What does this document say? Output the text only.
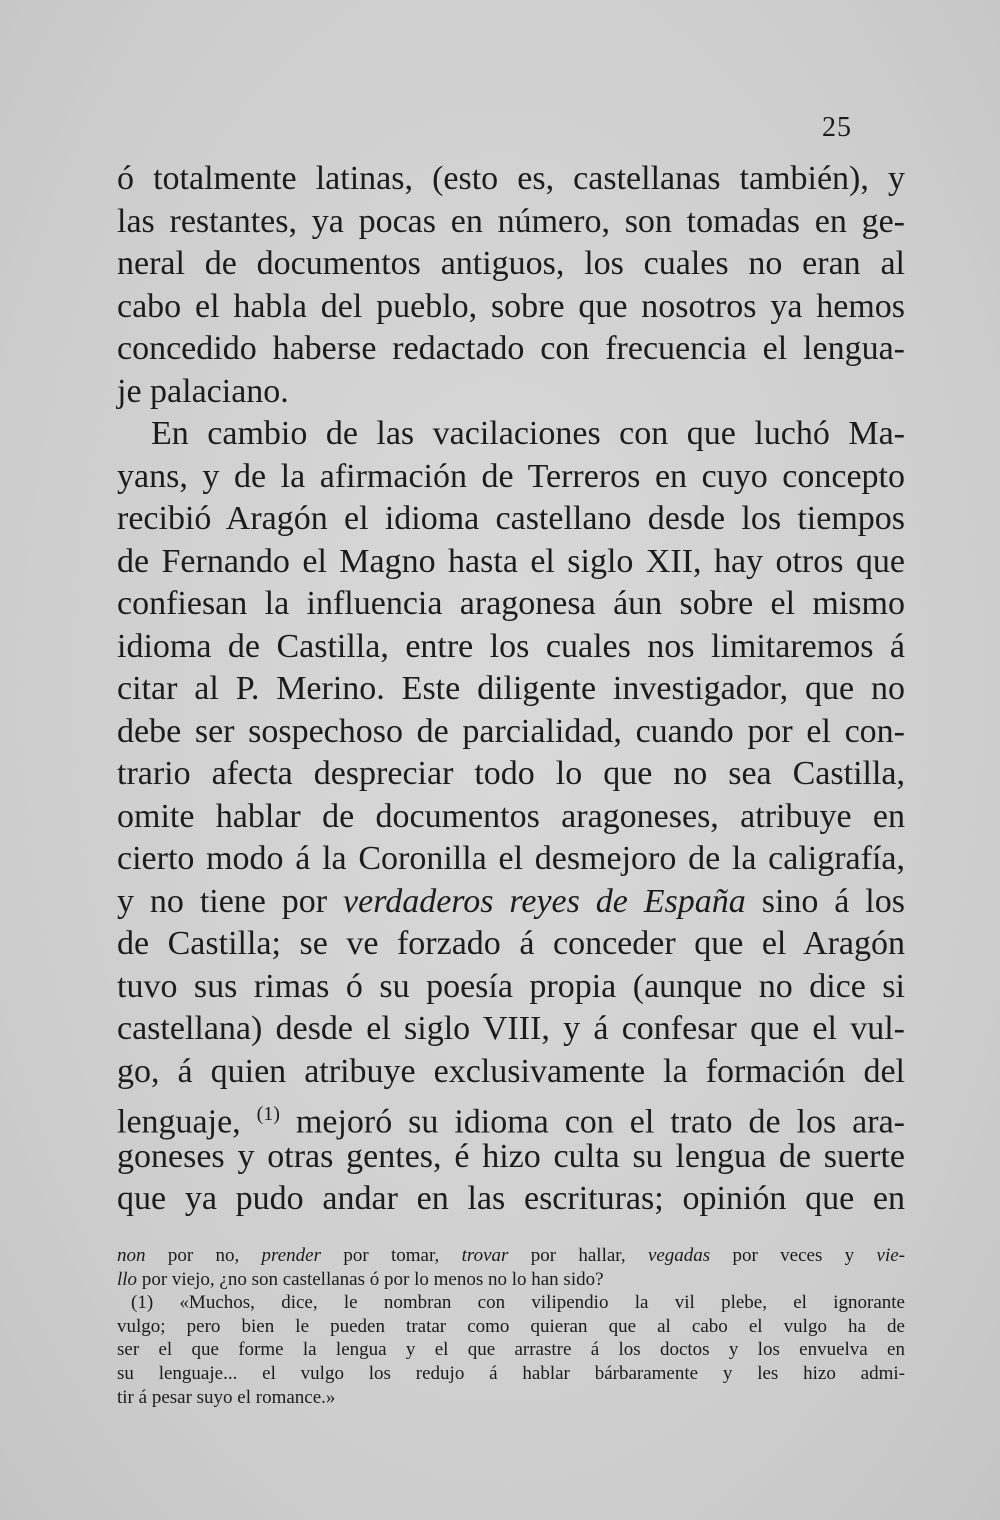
25
ó totalmente latinas, (esto es, castellanas también), y
las restantes, ya pocas en número, son tomadas en ge-
neral de documentos antiguos, los cuales no eran al
cabo el habla del pueblo, sobre que nosotros ya hemos
concedido haberse redactado con frecuencia el lengua-
je palaciano.
En cambio de las vacilaciones con que luchó Ma-
yans, y de la afirmación de Terreros en cuyo concepto
recibió Aragón el idioma castellano desde los tiempos
de Fernando el Magno hasta el siglo XII, hay otros que
confiesan la influencia aragonesa áun sobre el mismo
idioma de Castilla, entre los cuales nos limitaremos á
citar al P. Merino. Este diligente investigador, que no
debe ser sospechoso de parcialidad, cuando por el con-
trario afecta despreciar todo lo que no sea Castilla,
omite hablar de documentos aragoneses, atribuye en
cierto modo á la Coronilla el desmejoro de la caligrafía,
y no tiene por verdaderos reyes de España sino á los
de Castilla; se ve forzado á conceder que el Aragón
tuvo sus rimas ó su poesía propia (aunque no dice si
castellana) desde el siglo VIII, y á confesar que el vul-
go, á quien atribuye exclusivamente la formación del
lenguaje, $^{(1)}$ mejoró su idioma con el trato de los ara-
goneses y otras gentes, é hizo culta su lengua de suerte
que ya pudo andar en las escrituras; opinión que en
non por no, prender por tomar, trovar por hallar, vegadas por veces y vie-
llo por viejo, ¿no son castellanas ó por lo menos no lo han sido?
(1) «Muchos, dice, le nombran con vilipendio la vil plebe, el ignorante
vulgo; pero bien le pueden tratar como quieran que al cabo el vulgo ha de
ser el que forme la lengua y el que arrastre á los doctos y los envuelva en
su lenguaje... el vulgo los redujo á hablar bárbaramente y les hizo admi-
tir á pesar suyo el romance.»
